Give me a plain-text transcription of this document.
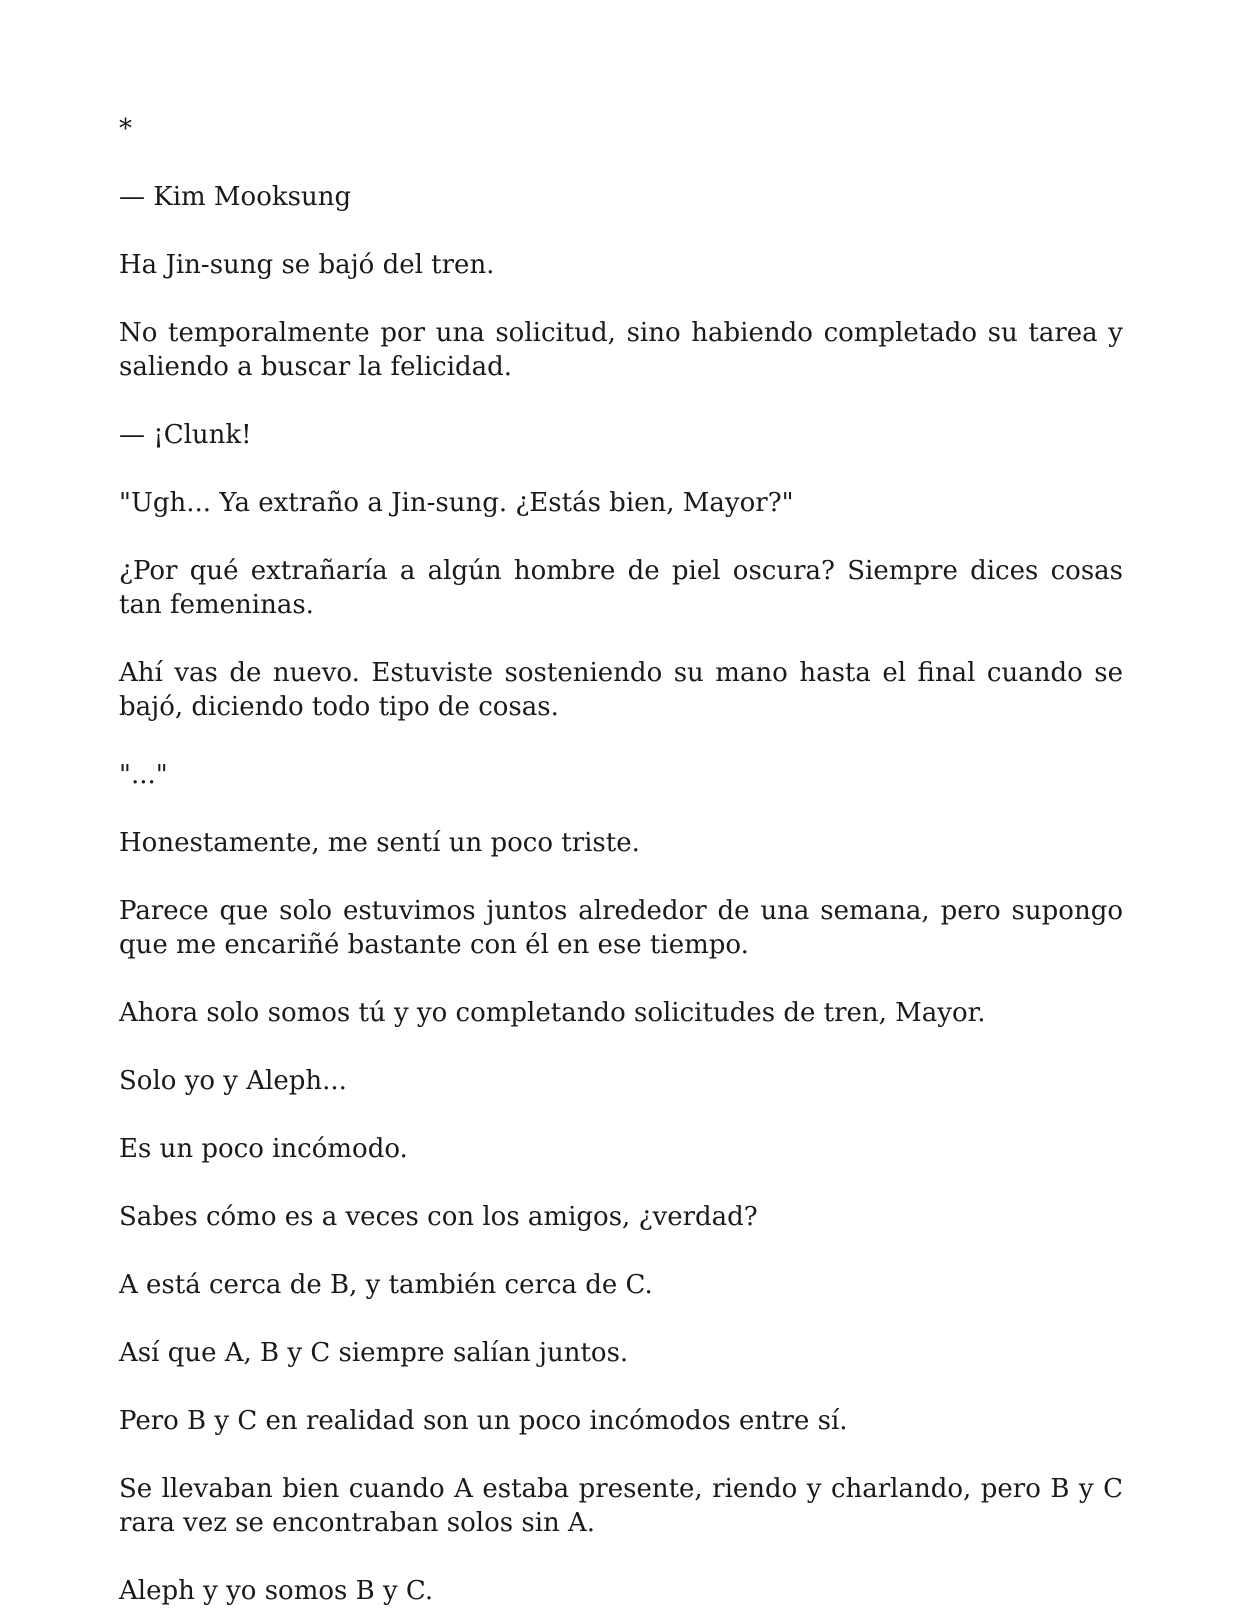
*

— Kim Mooksung

Ha Jin-sung se bajó del tren.

No temporalmente por una solicitud, sino habiendo completado su tarea y saliendo a buscar la felicidad.

— ¡Clunk!

"Ugh... Ya extraño a Jin-sung. ¿Estás bien, Mayor?"

¿Por qué extrañaría a algún hombre de piel oscura? Siempre dices cosas tan femeninas.

Ahí vas de nuevo. Estuviste sosteniendo su mano hasta el final cuando se bajó, diciendo todo tipo de cosas.

"..."

Honestamente, me sentí un poco triste.

Parece que solo estuvimos juntos alrededor de una semana, pero supongo que me encariñé bastante con él en ese tiempo.

Ahora solo somos tú y yo completando solicitudes de tren, Mayor.

Solo yo y Aleph...

Es un poco incómodo.

Sabes cómo es a veces con los amigos, ¿verdad?

A está cerca de B, y también cerca de C.

Así que A, B y C siempre salían juntos.

Pero B y C en realidad son un poco incómodos entre sí.

Se llevaban bien cuando A estaba presente, riendo y charlando, pero B y C rara vez se encontraban solos sin A.

Aleph y yo somos B y C.
